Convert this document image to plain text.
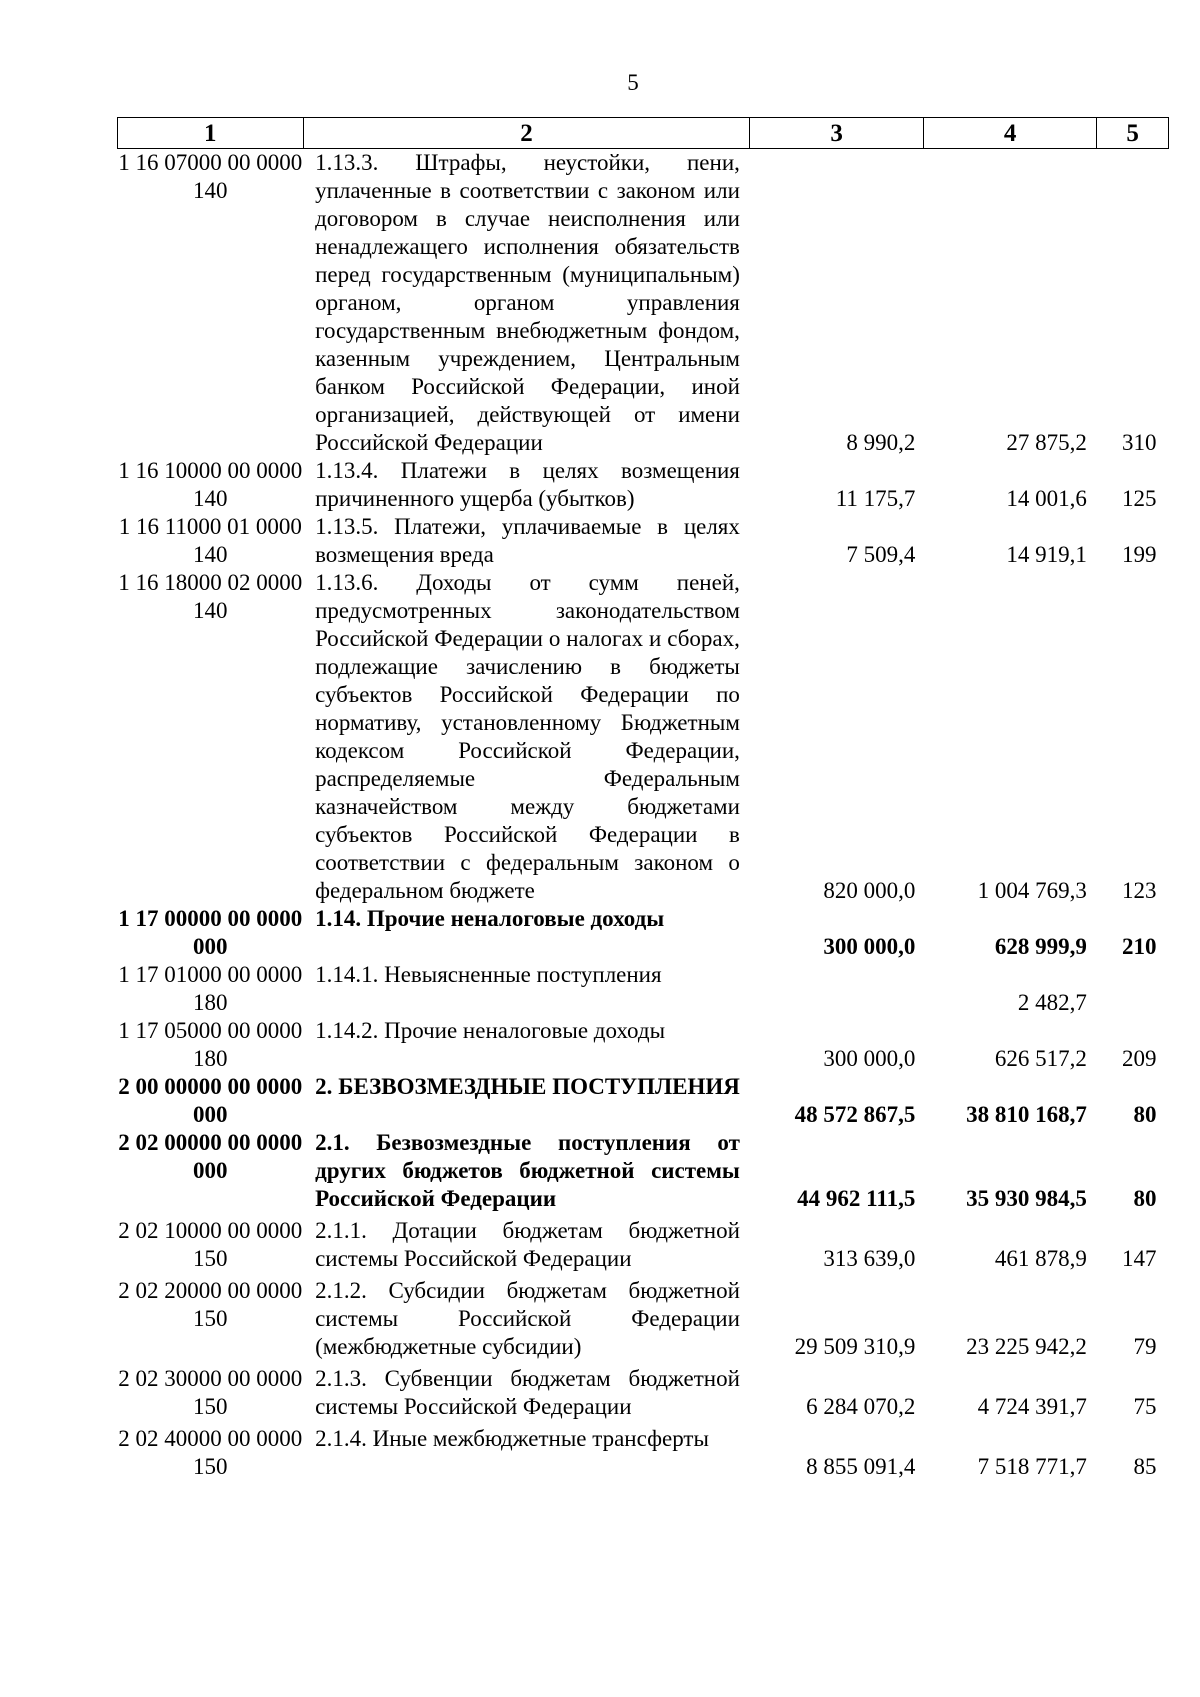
5
1	2	3	4	5
1 16 07000 00 0000 140	1.13.3. Штрафы, неустойки, пени, уплаченные в соответствии с законом или договором в случае неисполнения или ненадлежащего исполнения обязательств перед государственным (муниципальным) органом, органом управления государственным внебюджетным фондом, казенным учреждением, Центральным банком Российской Федерации, иной организацией, действующей от имени Российской Федерации	8 990,2	27 875,2	310
1 16 10000 00 0000 140	1.13.4. Платежи в целях возмещения причиненного ущерба (убытков)	11 175,7	14 001,6	125
1 16 11000 01 0000 140	1.13.5. Платежи, уплачиваемые в целях возмещения вреда	7 509,4	14 919,1	199
1 16 18000 02 0000 140	1.13.6. Доходы от сумм пеней, предусмотренных законодательством Российской Федерации о налогах и сборах, подлежащие зачислению в бюджеты субъектов Российской Федерации по нормативу, установленному Бюджетным кодексом Российской Федерации, распределяемые Федеральным казначейством между бюджетами субъектов Российской Федерации в соответствии с федеральным законом о федеральном бюджете	820 000,0	1 004 769,3	123
1 17 00000 00 0000 000	1.14. Прочие неналоговые доходы	300 000,0	628 999,9	210
1 17 01000 00 0000 180	1.14.1. Невыясненные поступления		2 482,7	
1 17 05000 00 0000 180	1.14.2. Прочие неналоговые доходы	300 000,0	626 517,2	209
2 00 00000 00 0000 000	2. БЕЗВОЗМЕЗДНЫЕ ПОСТУПЛЕНИЯ	48 572 867,5	38 810 168,7	80
2 02 00000 00 0000 000	2.1. Безвозмездные поступления от других бюджетов бюджетной системы Российской Федерации	44 962 111,5	35 930 984,5	80
2 02 10000 00 0000 150	2.1.1. Дотации бюджетам бюджетной системы Российской Федерации	313 639,0	461 878,9	147
2 02 20000 00 0000 150	2.1.2. Субсидии бюджетам бюджетной системы Российской Федерации (межбюджетные субсидии)	29 509 310,9	23 225 942,2	79
2 02 30000 00 0000 150	2.1.3. Субвенции бюджетам бюджетной системы Российской Федерации	6 284 070,2	4 724 391,7	75
2 02 40000 00 0000 150	2.1.4. Иные межбюджетные трансферты	8 855 091,4	7 518 771,7	85
